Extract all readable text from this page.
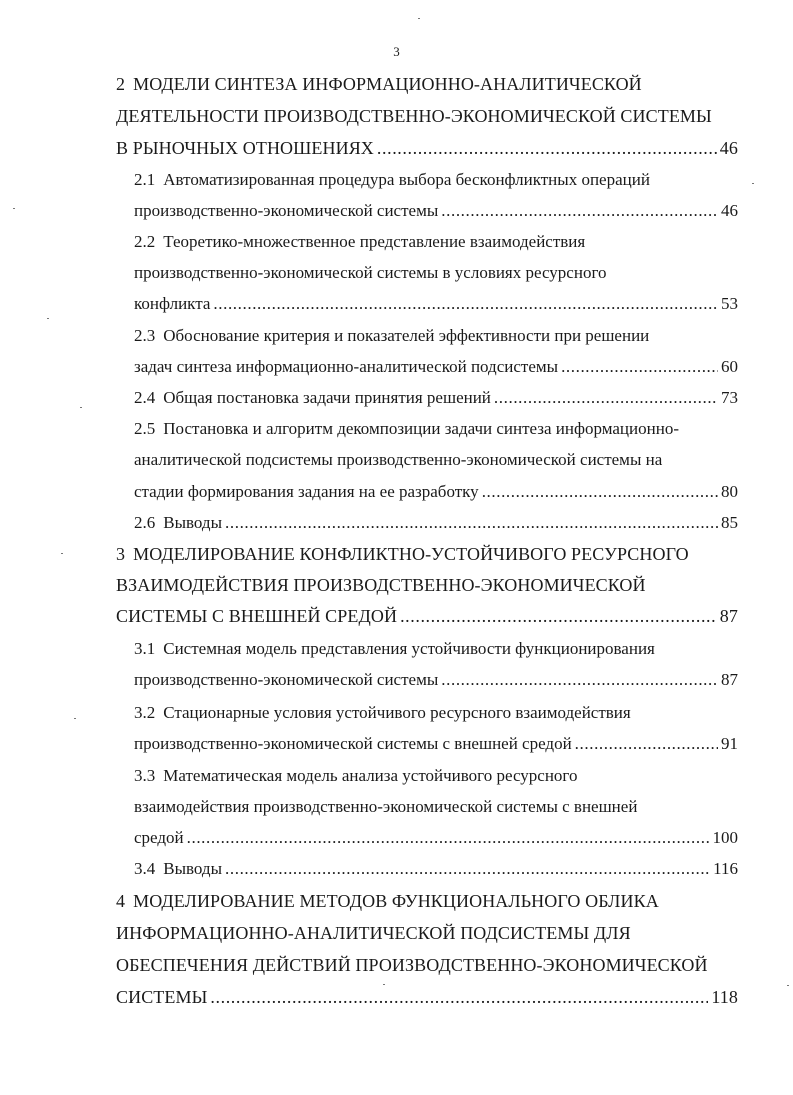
3
2 МОДЕЛИ СИНТЕЗА ИНФОРМАЦИОННО-АНАЛИТИЧЕСКОЙ
ДЕЯТЕЛЬНОСТИ ПРОИЗВОДСТВЕННО-ЭКОНОМИЧЕСКОЙ СИСТЕМЫ
В РЫНОЧНЫХ ОТНОШЕНИЯХ .....	46
2.1 Автоматизированная процедура выбора бесконфликтных операций
производственно-экономической системы .....	46
2.2 Теоретико-множественное представление взаимодействия
производственно-экономической системы в условиях ресурсного
конфликта .....	53
2.3 Обоснование критерия и показателей эффективности при решении
задач синтеза информационно-аналитической подсистемы .....	60
2.4 Общая постановка задачи принятия решений .....	73
2.5 Постановка и алгоритм декомпозиции задачи синтеза информационно-
аналитической подсистемы производственно-экономической системы на
стадии формирования задания на ее разработку .....	80
2.6 Выводы .....	85
3 МОДЕЛИРОВАНИЕ КОНФЛИКТНО-УСТОЙЧИВОГО РЕСУРСНОГО
ВЗАИМОДЕЙСТВИЯ ПРОИЗВОДСТВЕННО-ЭКОНОМИЧЕСКОЙ
СИСТЕМЫ С ВНЕШНЕЙ СРЕДОЙ .....	87
3.1 Системная модель представления устойчивости функционирования
производственно-экономической системы .....	87
3.2 Стационарные условия устойчивого ресурсного взаимодействия
производственно-экономической системы с внешней средой .....	91
3.3 Математическая модель анализа устойчивого ресурсного
взаимодействия производственно-экономической системы с внешней
средой .....	100
3.4 Выводы .....	116
4 МОДЕЛИРОВАНИЕ МЕТОДОВ ФУНКЦИОНАЛЬНОГО ОБЛИКА
ИНФОРМАЦИОННО-АНАЛИТИЧЕСКОЙ ПОДСИСТЕМЫ ДЛЯ
ОБЕСПЕЧЕНИЯ ДЕЙСТВИЙ ПРОИЗВОДСТВЕННО-ЭКОНОМИЧЕСКОЙ
СИСТЕМЫ .....	118
